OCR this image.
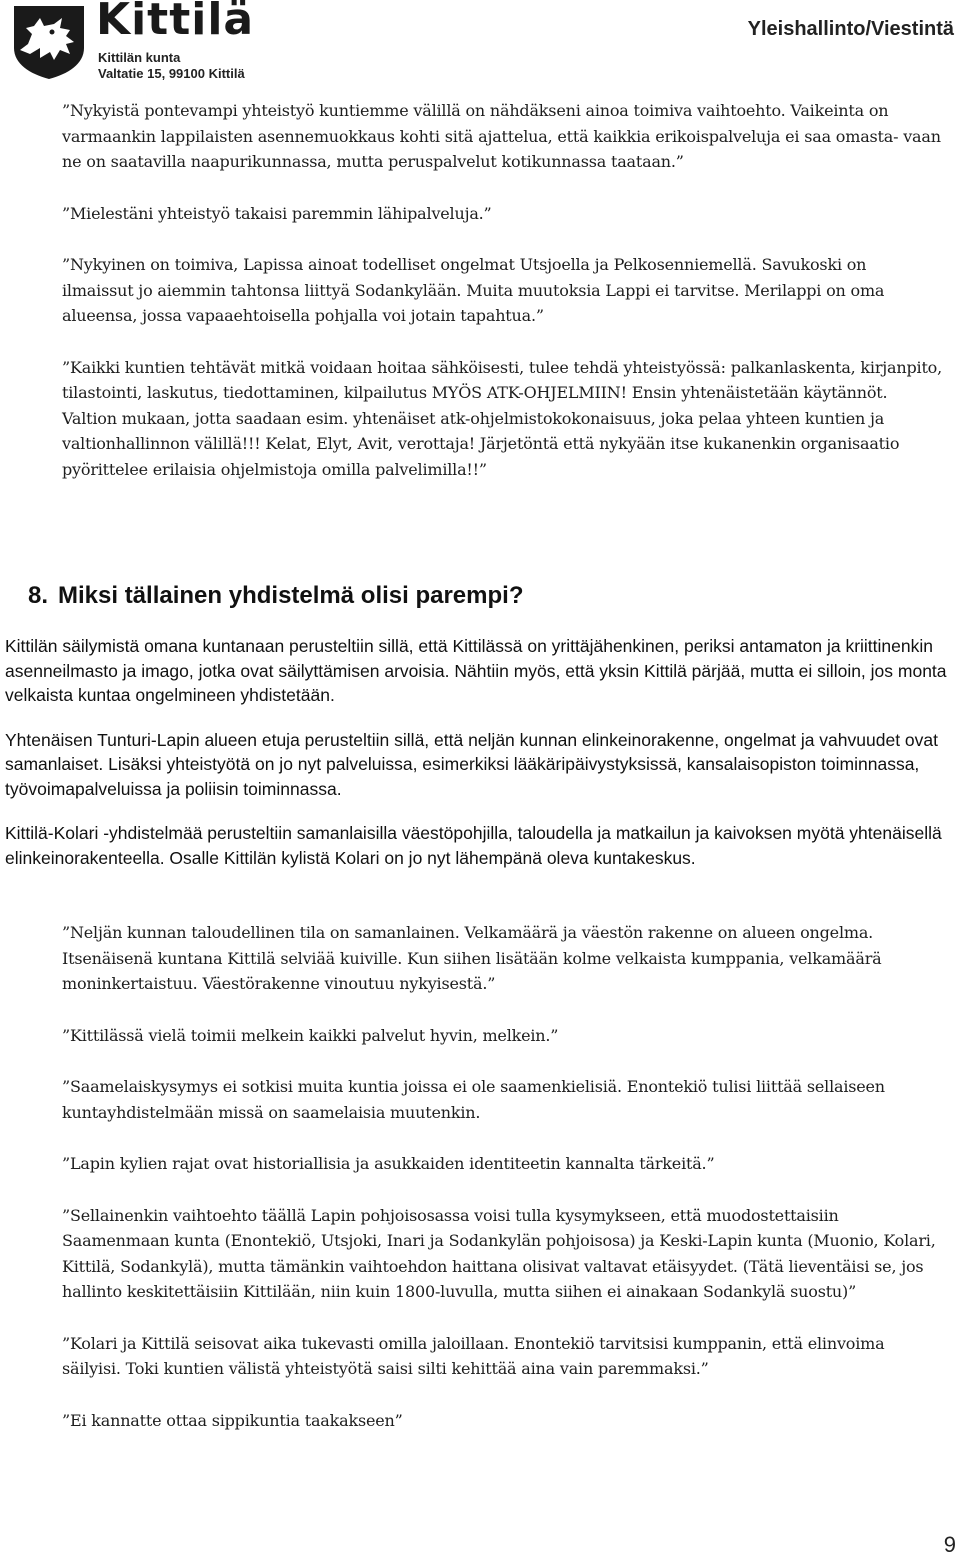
Kittilä
Kittilän kunta
Valtatie 15, 99100 Kittilä
Yleishallinto/Viestintä

”Nykyistä pontevampi yhteistyö kuntiemme välillä on nähdäkseni ainoa toimiva vaihtoehto. Vaikeinta on varmaankin lappilaisten asennemuokkaus kohti sitä ajattelua, että kaikkia erikoispalveluja ei saa omasta- vaan ne on saatavilla naapurikunnassa, mutta peruspalvelut kotikunnassa taataan.”

”Mielestäni yhteistyö takaisi paremmin lähipalveluja.”

”Nykyinen on toimiva, Lapissa ainoat todelliset ongelmat Utsjoella ja Pelkosenniemellä. Savukoski on ilmaissut jo aiemmin tahtonsa liittyä Sodankylään. Muita muutoksia Lappi ei tarvitse. Merilappi on oma alueensa, jossa vapaaehtoisella pohjalla voi jotain tapahtua.”

”Kaikki kuntien tehtävät mitkä voidaan hoitaa sähköisesti, tulee tehdä yhteistyössä: palkanlaskenta, kirjanpito, tilastointi, laskutus, tiedottaminen, kilpailutus MYÖS ATK-OHJELMIIN! Ensin yhtenäistetään käytännöt. Valtion mukaan, jotta saadaan esim. yhtenäiset atk-ohjelmistokokonaisuus, joka pelaa yhteen kuntien ja valtionhallinnon välillä!!! Kelat, Elyt, Avit, verottaja! Järjetöntä että nykyään itse kukanenkin organisaatio pyörittelee erilaisia ohjelmistoja omilla palvelimilla!!”

8. Miksi tällainen yhdistelmä olisi parempi?

Kittilän säilymistä omana kuntanaan perusteltiin sillä, että Kittilässä on yrittäjähenkinen, periksi antamaton ja kriittinenkin asenneilmasto ja imago, jotka ovat säilyttämisen arvoisia. Nähtiin myös, että yksin Kittilä pärjää, mutta ei silloin, jos monta velkaista kuntaa ongelmineen yhdistetään.

Yhtenäisen Tunturi-Lapin alueen etuja perusteltiin sillä, että neljän kunnan elinkeinorakenne, ongelmat ja vahvuudet ovat samanlaiset. Lisäksi yhteistyötä on jo nyt palveluissa, esimerkiksi lääkäripäivystyksissä, kansalaisopiston toiminnassa, työvoimapalveluissa ja poliisin toiminnassa.

Kittilä-Kolari -yhdistelmää perusteltiin samanlaisilla väestöpohjilla, taloudella ja matkailun ja kaivoksen myötä yhtenäisellä elinkeinorakenteella. Osalle Kittilän kylistä Kolari on jo nyt lähempänä oleva kuntakeskus.

”Neljän kunnan taloudellinen tila on samanlainen. Velkamäärä ja väestön rakenne on alueen ongelma. Itsenäisenä kuntana Kittilä selviää kuiville. Kun siihen lisätään kolme velkaista kumppania, velkamäärä moninkertaistuu. Väestörakenne vinoutuu nykyisestä.”

”Kittilässä vielä toimii melkein kaikki palvelut hyvin, melkein.”

”Saamelaiskysymys ei sotkisi muita kuntia joissa ei ole saamenkielisiä. Enontekiö tulisi liittää sellaiseen kuntayhdistelmään missä on saamelaisia muutenkin.

”Lapin kylien rajat ovat historiallisia ja asukkaiden identiteetin kannalta tärkeitä.”

”Sellainenkin vaihtoehto täällä Lapin pohjoisosassa voisi tulla kysymykseen, että muodostettaisiin Saamenmaan kunta (Enontekiö, Utsjoki, Inari ja Sodankylän pohjoisosa) ja Keski-Lapin kunta (Muonio, Kolari, Kittilä, Sodankylä), mutta tämänkin vaihtoehdon haittana olisivat valtavat etäisyydet. (Tätä lieventäisi se, jos hallinto keskitettäisiin Kittilään, niin kuin 1800-luvulla, mutta siihen ei ainakaan Sodankylä suostu)”

”Kolari ja Kittilä seisovat aika tukevasti omilla jaloillaan. Enontekiö tarvitsisi kumppanin, että elinvoima säilyisi. Toki kuntien välistä yhteistyötä saisi silti kehittää aina vain paremmaksi.”

”Ei kannatte ottaa sippikuntia taakakseen”

9
